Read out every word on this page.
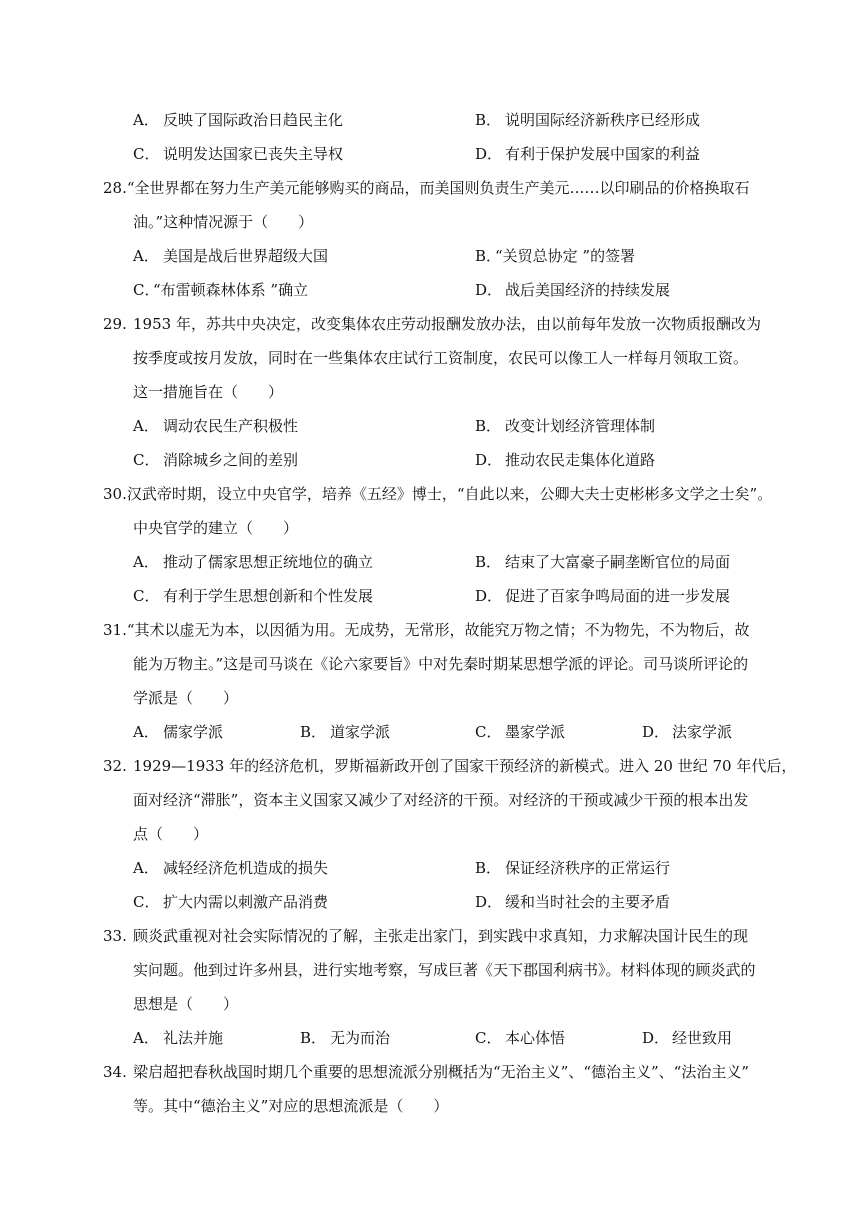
A． 反映了国际政治日趋民主化	B． 说明国际经济新秩序已经形成
C． 说明发达国家已丧失主导权	D． 有利于保护发展中国家的利益
28.“全世界都在努力生产美元能够购买的商品，而美国则负责生产美元……以印刷品的价格换取石
油。”这种情况源于（　　）
A． 美国是战后世界超级大国	B．“关贸总协定 ”的签署
C．“布雷顿森林体系 ”确立	D． 战后美国经济的持续发展
29. 1953 年，苏共中央决定，改变集体农庄劳动报酬发放办法，由以前每年发放一次物质报酬改为
按季度或按月发放，同时在一些集体农庄试行工资制度，农民可以像工人一样每月领取工资。
这一措施旨在（　　）
A． 调动农民生产积极性	B． 改变计划经济管理体制
C． 消除城乡之间的差别	D． 推动农民走集体化道路
30.汉武帝时期，设立中央官学，培养《五经》博士，“自此以来，公卿大夫士吏彬彬多文学之士矣”。
中央官学的建立（　　）
A． 推动了儒家思想正统地位的确立	B． 结束了大富豪子嗣垄断官位的局面
C． 有利于学生思想创新和个性发展	D． 促进了百家争鸣局面的进一步发展
31.“其术以虚无为本，以因循为用。无成势，无常形，故能究万物之情；不为物先，不为物后，故
能为万物主。”这是司马谈在《论六家要旨》中对先秦时期某思想学派的评论。司马谈所评论的
学派是（　　）
A． 儒家学派	B． 道家学派	C． 墨家学派	D． 法家学派
32. 1929—1933 年的经济危机，罗斯福新政开创了国家干预经济的新模式。进入 20 世纪 70 年代后，
面对经济“滞胀”，资本主义国家又减少了对经济的干预。对经济的干预或减少干预的根本出发
点（　　）
A． 减轻经济危机造成的损失	B． 保证经济秩序的正常运行
C． 扩大内需以刺激产品消费	D． 缓和当时社会的主要矛盾
33. 顾炎武重视对社会实际情况的了解，主张走出家门，到实践中求真知，力求解决国计民生的现
实问题。他到过许多州县，进行实地考察，写成巨著《天下郡国利病书》。材料体现的顾炎武的
思想是（　　）
A． 礼法并施	B． 无为而治	C． 本心体悟	D． 经世致用
34. 梁启超把春秋战国时期几个重要的思想流派分别概括为“无治主义”、“德治主义”、“法治主义”
等。其中“德治主义”对应的思想流派是（　　）
